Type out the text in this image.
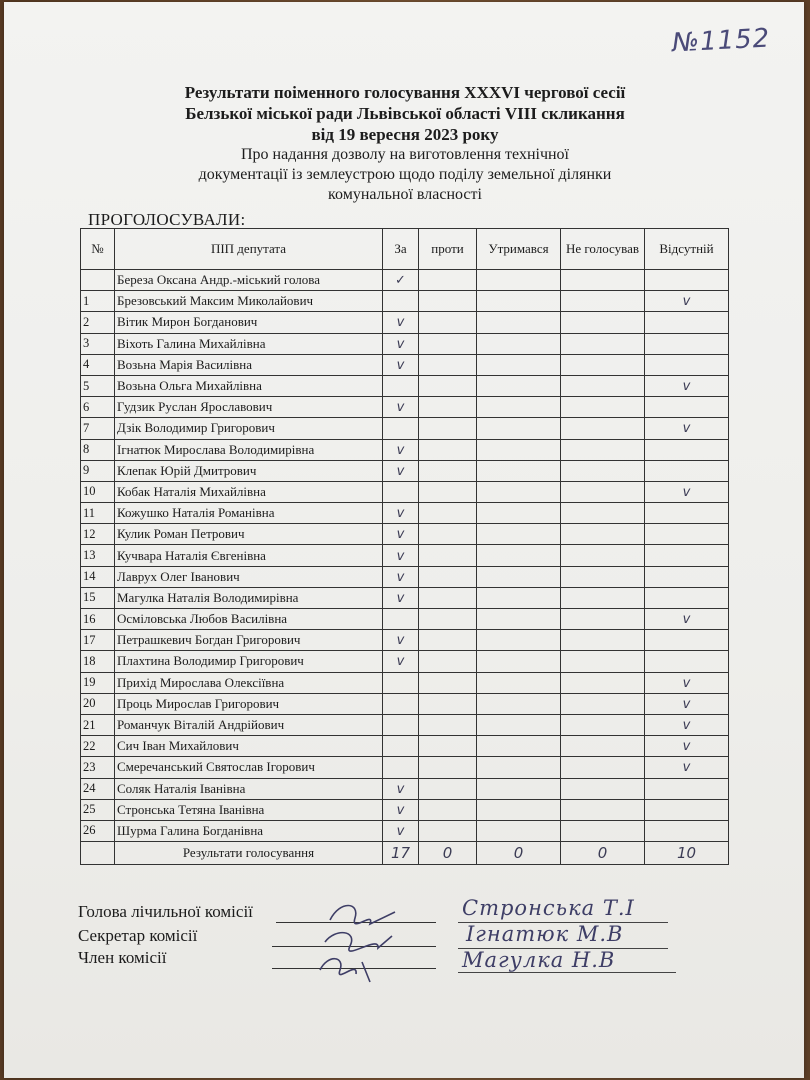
№1152
Результати поіменного голосування XXXVI чергової сесії
Белзької міської ради Львівської області VIII скликання
від 19 вересня 2023 року
Про надання дозволу на виготовлення технічної
документації із землеустрою щодо поділу земельної ділянки
комунальної власності
ПРОГОЛОСУВАЛИ:
№	ПІП депутата	За	проти	Утримався	Не голосував	Відсутній
	Береза Оксана Андр.-міський голова	✓				
1	Брезовський Максим Миколайович					v
2	Вітик Мирон Богданович	v				
3	Віхоть Галина Михайлівна	v				
4	Возьна Марія Василівна	v				
5	Возьна Ольга Михайлівна					v
6	Гудзик Руслан Ярославович	v				
7	Дзік Володимир Григорович					v
8	Ігнатюк Мирослава Володимирівна	v				
9	Клепак Юрій Дмитрович	v				
10	Кобак Наталія Михайлівна					v
11	Кожушко Наталія Романівна	v				
12	Кулик Роман Петрович	v				
13	Кучвара Наталія Євгенівна	v				
14	Лаврух Олег Іванович	v				
15	Магулка Наталія Володимирівна	v				
16	Осміловська Любов Василівна					v
17	Петрашкевич Богдан Григорович	v				
18	Плахтина Володимир Григорович	v				
19	Прихід Мирослава Олексіївна					v
20	Проць Мирослав Григорович					v
21	Романчук Віталій Андрійович					v
22	Сич Іван Михайлович					v
23	Смеречанський Святослав Ігорович					v
24	Соляк Наталія Іванівна	v				
25	Стронська Тетяна Іванівна	v				
26	Шурма Галина Богданівна	v				
	Результати голосування	17	0	0	0	10
Голова лічильної комісії
Секретар комісії
Член комісії
Стронська Т.І
Ігнатюк М.В
Магулка Н.В
